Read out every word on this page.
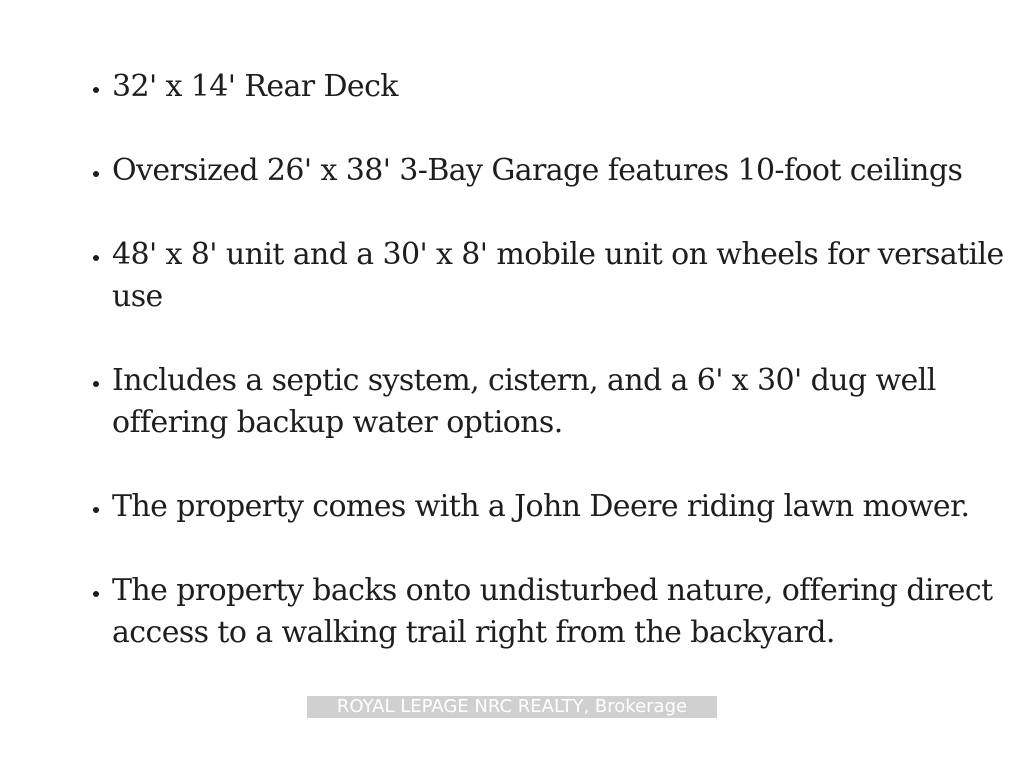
• 32' x 14' Rear Deck
• Oversized 26' x 38' 3-Bay Garage features 10-foot ceilings
• 48' x 8' unit and a 30' x 8' mobile unit on wheels for versatile use
• Includes a septic system, cistern, and a 6' x 30' dug well offering backup water options.
• The property comes with a John Deere riding lawn mower.
• The property backs onto undisturbed nature, offering direct access to a walking trail right from the backyard.
ROYAL LEPAGE NRC REALTY, Brokerage
